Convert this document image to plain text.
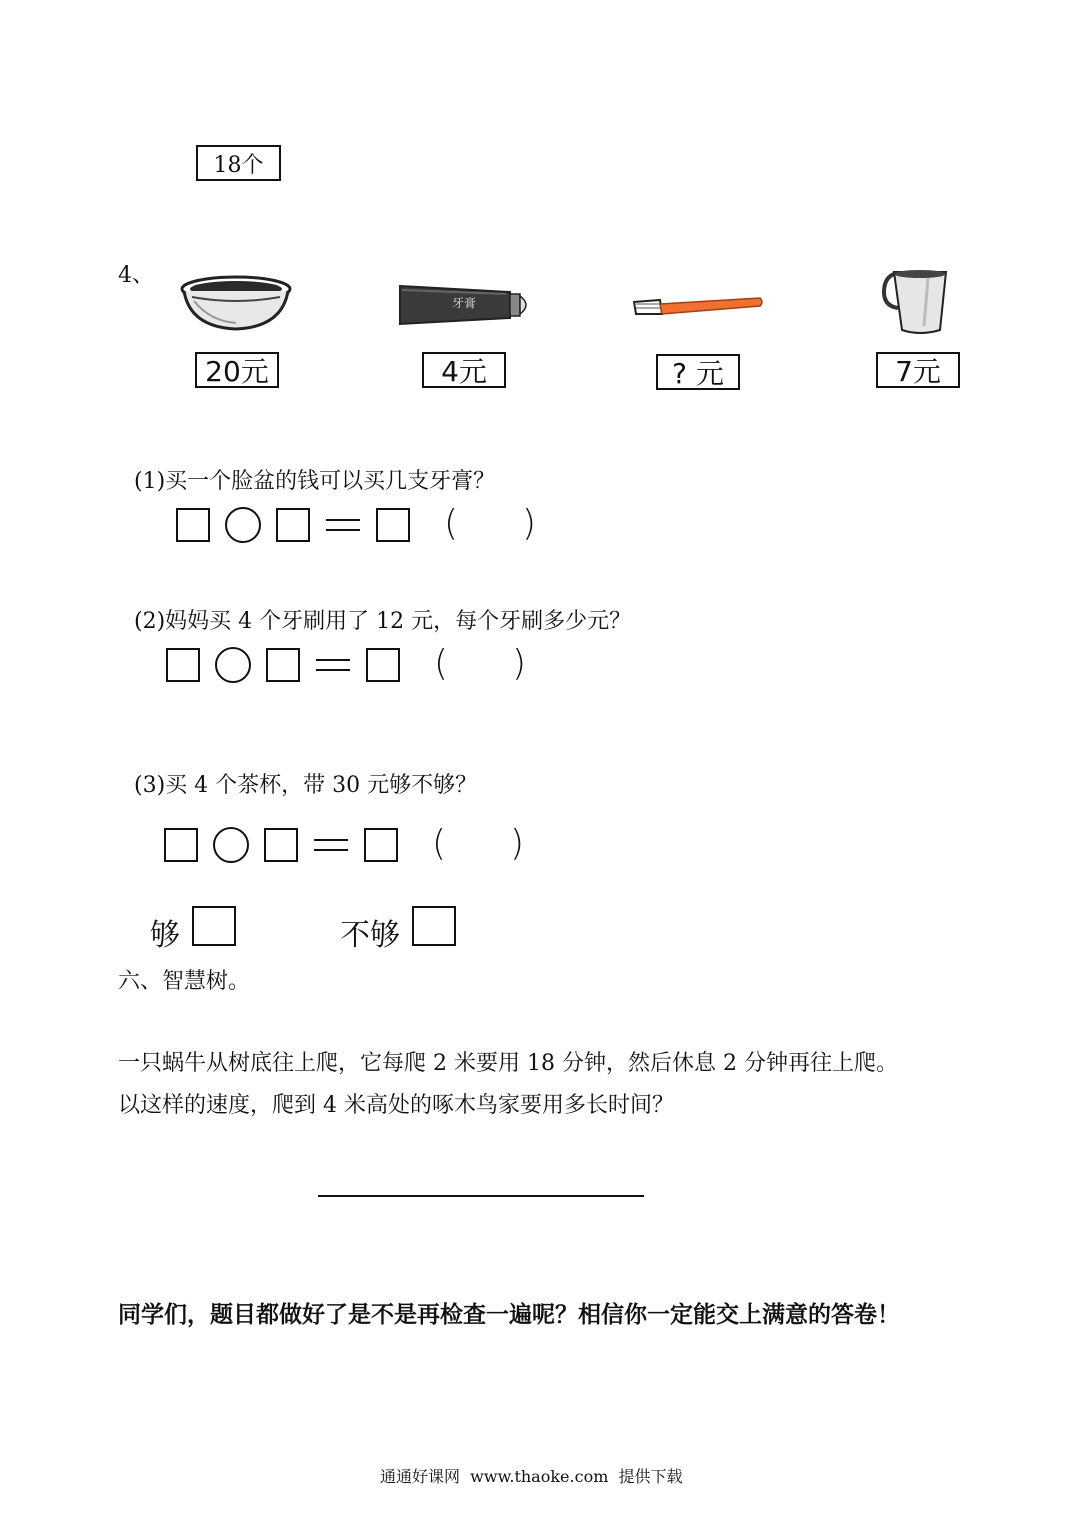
18个
4、
牙膏
20元	4元	? 元	7元
(1)买一个脸盆的钱可以买几支牙膏？
( )
(2)妈妈买 4 个牙刷用了 12 元，每个牙刷多少元？
( )
(3)买 4 个茶杯，带 30 元够不够？
( )
够	不够
六、智慧树。
一只蜗牛从树底往上爬，它每爬 2 米要用 18 分钟，然后休息 2 分钟再往上爬。
以这样的速度，爬到 4 米高处的啄木鸟家要用多长时间？
同学们，题目都做好了是不是再检查一遍呢？相信你一定能交上满意的答卷！
通通好课网  www.thaoke.com  提供下载
